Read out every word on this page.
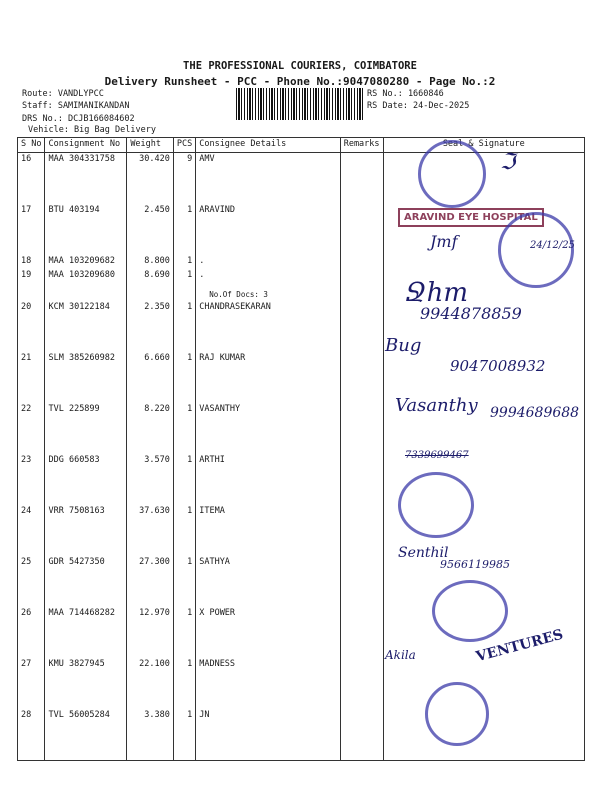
THE PROFESSIONAL COURIERS, COIMBATORE
Delivery Runsheet - PCC - Phone No.:9047080280 - Page No.:2
Route: VANDLYPCC
Staff: SAMIMANIKANDAN
DRS No.: DCJB166084602
Vehicle: Big Bag Delivery
RS No.: 1660846
RS Date: 24-Dec-2025
S No	Consignment No	Weight	PCS	Consignee Details	Remarks	Seal & Signature
16	MAA 304331758	30.420	9	AMV		
17	BTU 403194	2.450	1	ARAVIND		
18	MAA 103209682	8.800	1	.		
19	MAA 103209680	8.690	1	.
No.Of Docs: 3		

20	KCM 30122184	2.350	1	CHANDRASEKARAN		
21	SLM 385260982	6.660	1	RAJ KUMAR		
22	TVL 225899	8.220	1	VASANTHY		
23	DDG 660583	3.570	1	ARTHI		
24	VRR 7508163	37.630	1	ITEMA		
25	GDR 5427350	27.300	1	SATHYA		
26	MAA 714468282	12.970	1	X POWER		
27	KMU 3827945	22.100	1	MADNESS		
28	TVL 56005284	3.380	1	JN		
ℑ
ARAVIND EYE HOSPITAL
Jmf	24/12/25
Ջhm
9944878859
Bug
9047008932
Vasanthy 9994689688
7339699467
Senthil
9566119985
Akila	VENTURES
